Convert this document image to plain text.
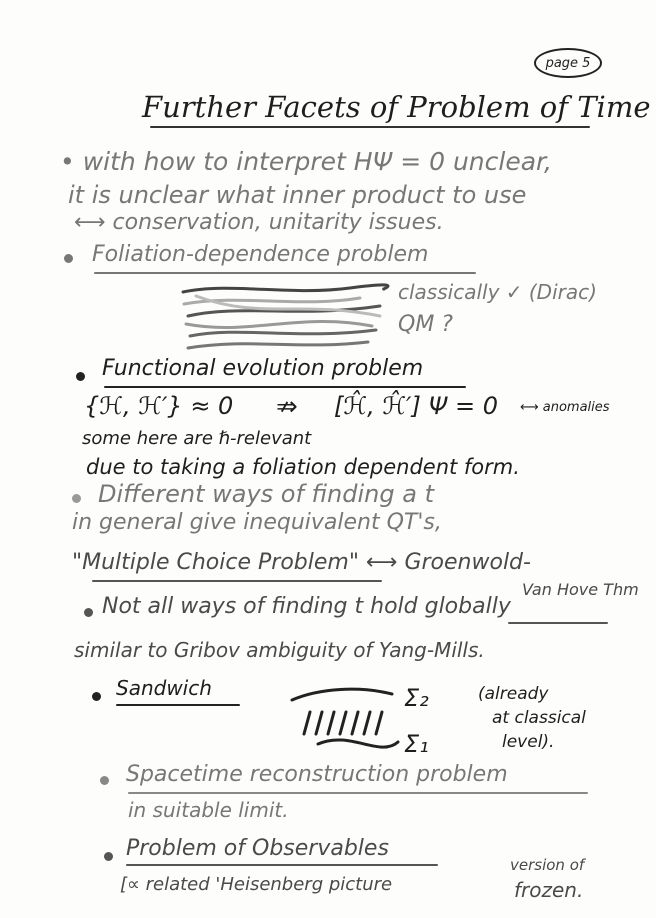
page 5
Further Facets of Problem of Time
• with how to interpret HΨ = 0 unclear,
it is unclear what inner product to use
⟷ conservation, unitarity issues.
Foliation-dependence problem
classically ✓ (Dirac)
QM ?
Functional evolution problem
{ℋ, ℋ′} ≈ 0 ⇏ [ℋ̂, ℋ̂′] Ψ = 0 ⟷ anomalies
some here are ℏ-relevant
due to taking a foliation dependent form.
Different ways of finding a t
in general give inequivalent QT's,
"Multiple Choice Problem" ⟷ Groenwold-
Van Hove Thm
Not all ways of finding t hold globally
similar to Gribov ambiguity of Yang-Mills.
Sandwich	Σ₂
Σ₁
(already
at classical
level).
Spacetime reconstruction problem
in suitable limit.
Problem of Observables
version of
[∝ related 'Heisenberg picture	frozen.
